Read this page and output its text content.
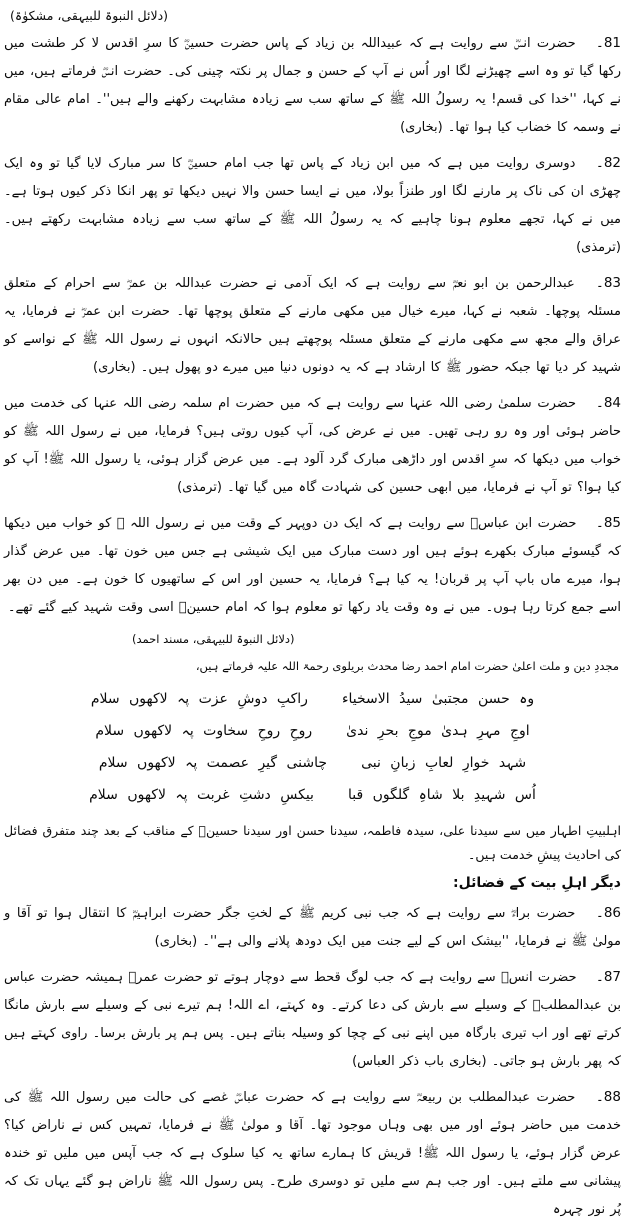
(دلائل النبوۃ للبیہقی، مشکوٰۃ)

81۔ حضرت انسؓ سے روایت ہے کہ عبیداللہ بن زیاد کے پاس حضرت حسینؓ کا سرِ اقدس لا کر طشت میں رکھا گیا تو وہ اسے چھیڑنے لگا اور اُس نے آپ کے حسن و جمال پر نکتہ چینی کی۔ حضرت انسؓ فرماتے ہیں، میں نے کہا، ''خدا کی قسم! یہ رسولُ اللہ ﷺ کے ساتھ سب سے زیادہ مشابہت رکھنے والے ہیں''۔ امام عالی مقام نے وسمہ کا خضاب کیا ہوا تھا۔ (بخاری)

82۔ دوسری روایت میں ہے کہ میں ابن زیاد کے پاس تھا جب امام حسینؓ کا سر مبارک لایا گیا تو وہ ایک چھڑی ان کی ناک پر مارنے لگا اور طنزاً بولا، میں نے ایسا حسن والا نہیں دیکھا تو پھر انکا ذکر کیوں ہوتا ہے۔ میں نے کہا، تجھے معلوم ہونا چاہیے کہ یہ رسولُ اللہ ﷺ کے ساتھ سب سے زیادہ مشابہت رکھتے ہیں۔ (ترمذی)

83۔ عبدالرحمن بن ابو نعمؓ سے روایت ہے کہ ایک آدمی نے حضرت عبداللہ بن عمرؓ سے احرام کے متعلق مسئلہ پوچھا۔ شعبہ نے کہا، میرے خیال میں مکھی مارنے کے متعلق پوچھا تھا۔ حضرت ابن عمرؓ نے فرمایا، یہ عراق والے مجھ سے مکھی مارنے کے متعلق مسئلہ پوچھتے ہیں حالانکہ انہوں نے رسول اللہ ﷺ کے نواسے کو شہید کر دیا تھا جبکہ حضور ﷺ کا ارشاد ہے کہ یہ دونوں دنیا میں میرے دو پھول ہیں۔ (بخاری)

84۔ حضرت سلمیٰ رضی اللہ عنہا سے روایت ہے کہ میں حضرت ام سلمہ رضی اللہ عنہا کی خدمت میں حاضر ہوئی اور وہ رو رہی تھیں۔ میں نے عرض کی، آپ کیوں روتی ہیں؟ فرمایا، میں نے رسول اللہ ﷺ کو خواب میں دیکھا کہ سرِ اقدس اور داڑھی مبارک گرد آلود ہے۔ میں عرض گزار ہوئی، یا رسول اللہ ﷺ! آپ کو کیا ہوا؟ تو آپ نے فرمایا، میں ابھی حسین کی شہادت گاہ میں گیا تھا۔ (ترمذی)

85۔ حضرت ابن عباسؓ سے روایت ہے کہ ایک دن دوپہر کے وقت میں نے رسول اللہ ﷺ کو خواب میں دیکھا کہ گیسوئے مبارک بکھرے ہوئے ہیں اور دست مبارک میں ایک شیشی ہے جس میں خون تھا۔ میں عرض گذار ہوا، میرے ماں باپ آپ پر قربان! یہ کیا ہے؟ فرمایا، یہ حسین اور اس کے ساتھیوں کا خون ہے۔ میں دن بھر اسے جمع کرتا رہا ہوں۔ میں نے وہ وقت یاد رکھا تو معلوم ہوا کہ امام حسینؓ اسی وقت شہید کیے گئے تھے۔

(دلائل النبوۃ للبیہقی، مسند احمد)
مجددِ دین و ملت اعلیٰ حضرت امام احمد رضا محدث بریلوی رحمۃ اللہ علیہ فرماتے ہیں،
وہ حسن مجتبیٰ سیدُ الاسخیاء
راکبِ دوشِ عزت پہ لاکھوں سلام
اوجِ مہرِ ہدیٰ موجِ بحرِ ندیٰ
روحِ روحِ سخاوت پہ لاکھوں سلام
شہد خوارِ لعابِ زبانِ نبی
چاشنی گیرِ عصمت پہ لاکھوں سلام
اُس شہیدِ بلا شاہِ گلگوں قبا
بیکسِ دشتِ غربت پہ لاکھوں سلام

اہلبیتِ اطہار میں سے سیدنا علی، سیدہ فاطمہ، سیدنا حسن اور سیدنا حسینؓ کے مناقب کے بعد چند متفرق فضائل کی احادیث پیشِ خدمت ہیں۔

دیگر اہلِ بیت کے فضائل:

86۔ حضرت براءؓ سے روایت ہے کہ جب نبی کریم ﷺ کے لختِ جگر حضرت ابراہیمؓ کا انتقال ہوا تو آقا و مولیٰ ﷺ نے فرمایا، ''بیشک اس کے لیے جنت میں ایک دودھ پلانے والی ہے''۔ (بخاری)

87۔ حضرت انسؓ سے روایت ہے کہ جب لوگ قحط سے دوچار ہوتے تو حضرت عمرؓ ہمیشہ حضرت عباس بن عبدالمطلبؓ کے وسیلے سے بارش کی دعا کرتے۔ وہ کہتے، اے اللہ! ہم تیرے نبی کے وسیلے سے بارش مانگا کرتے تھے اور اب تیری بارگاہ میں اپنے نبی کے چچا کو وسیلہ بناتے ہیں۔ پس ہم پر بارش برسا۔ راوی کہتے ہیں کہ پھر بارش ہو جاتی۔ (بخاری باب ذکر العباس)

88۔ حضرت عبدالمطلب بن ربیعہؓ سے روایت ہے کہ حضرت عباسؓ غصے کی حالت میں رسول اللہ ﷺ کی خدمت میں حاضر ہوئے اور میں بھی وہاں موجود تھا۔ آقا و مولیٰ ﷺ نے فرمایا، تمہیں کس نے ناراض کیا؟ عرض گزار ہوئے، یا رسول اللہ ﷺ! قریش کا ہمارے ساتھ یہ کیا سلوک ہے کہ جب آپس میں ملیں تو خندہ پیشانی سے ملتے ہیں۔ اور جب ہم سے ملیں تو دوسری طرح۔ پس رسول اللہ ﷺ ناراض ہو گئے یہاں تک کہ پُر نور چہرہ
